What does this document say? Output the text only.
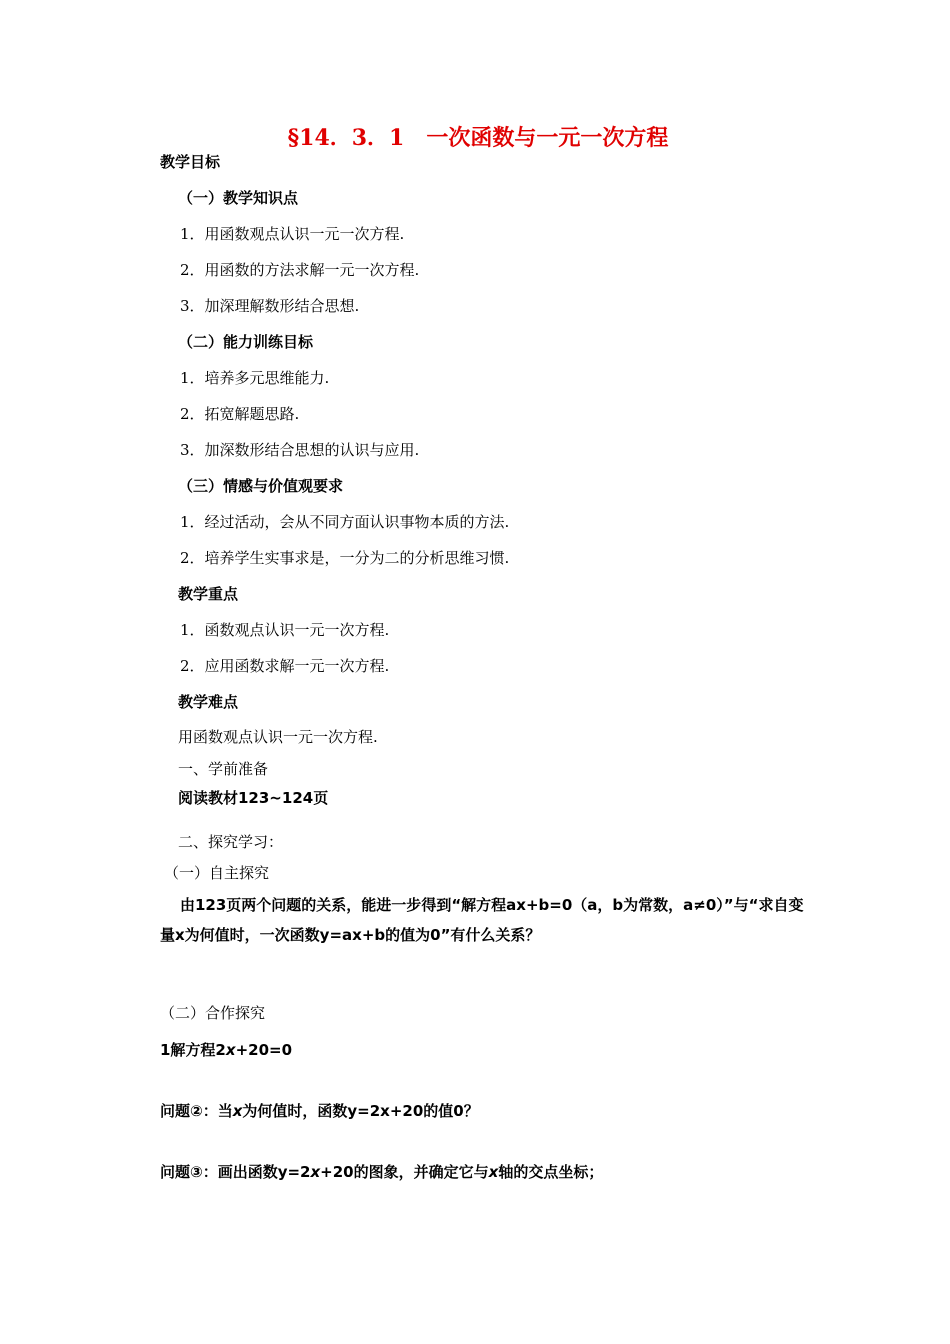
§14．3．1　一次函数与一元一次方程
教学目标
（一）教学知识点
1．用函数观点认识一元一次方程.
2．用函数的方法求解一元一次方程.
3．加深理解数形结合思想.
（二）能力训练目标
1．培养多元思维能力.
2．拓宽解题思路.
3．加深数形结合思想的认识与应用.
（三）情感与价值观要求
1．经过活动，会从不同方面认识事物本质的方法.
2．培养学生实事求是，一分为二的分析思维习惯.
教学重点
1．函数观点认识一元一次方程.
2．应用函数求解一元一次方程.
教学难点
用函数观点认识一元一次方程.
一、学前准备
阅读教材123~124页
二、探究学习：
（一）自主探究
由123页两个问题的关系，能进一步得到“解方程ax+b=0（a，b为常数，a≠0）”与“求自变量x为何值时，一次函数y=ax+b的值为0”有什么关系？
（二）合作探究
1解方程2x+20=0
问题②：当x为何值时，函数y=2x+20的值0？
问题③：画出函数y=2x+20的图象，并确定它与x轴的交点坐标；
